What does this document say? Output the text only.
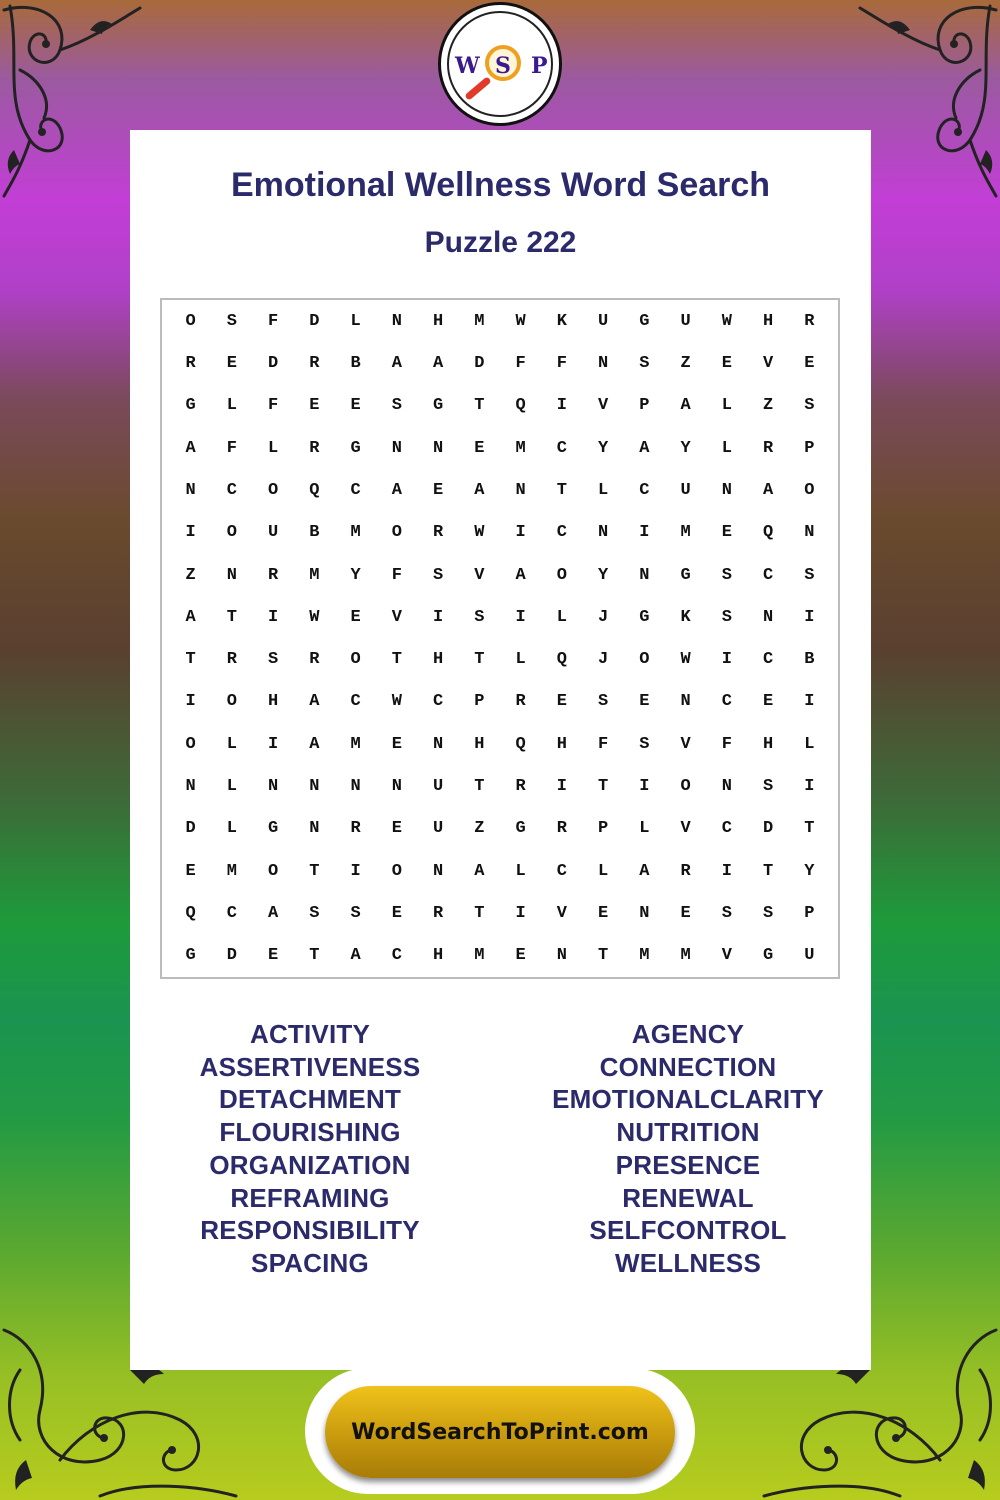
W S P
Emotional Wellness Word Search
Puzzle 222
O	S	F	D	L	N	H	M	W	K	U	G	U	W	H	R
R	E	D	R	B	A	A	D	F	F	N	S	Z	E	V	E
G	L	F	E	E	S	G	T	Q	I	V	P	A	L	Z	S
A	F	L	R	G	N	N	E	M	C	Y	A	Y	L	R	P
N	C	O	Q	C	A	E	A	N	T	L	C	U	N	A	O
I	O	U	B	M	O	R	W	I	C	N	I	M	E	Q	N
Z	N	R	M	Y	F	S	V	A	O	Y	N	G	S	C	S
A	T	I	W	E	V	I	S	I	L	J	G	K	S	N	I
T	R	S	R	O	T	H	T	L	Q	J	O	W	I	C	B
I	O	H	A	C	W	C	P	R	E	S	E	N	C	E	I
O	L	I	A	M	E	N	H	Q	H	F	S	V	F	H	L
N	L	N	N	N	N	U	T	R	I	T	I	O	N	S	I
D	L	G	N	R	E	U	Z	G	R	P	L	V	C	D	T
E	M	O	T	I	O	N	A	L	C	L	A	R	I	T	Y
Q	C	A	S	S	E	R	T	I	V	E	N	E	S	S	P
G	D	E	T	A	C	H	M	E	N	T	M	M	V	G	U
ACTIVITY
ASSERTIVENESS
DETACHMENT
FLOURISHING
ORGANIZATION
REFRAMING
RESPONSIBILITY
SPACING
AGENCY
CONNECTION
EMOTIONALCLARITY
NUTRITION
PRESENCE
RENEWAL
SELFCONTROL
WELLNESS
WordSearchToPrint.com
